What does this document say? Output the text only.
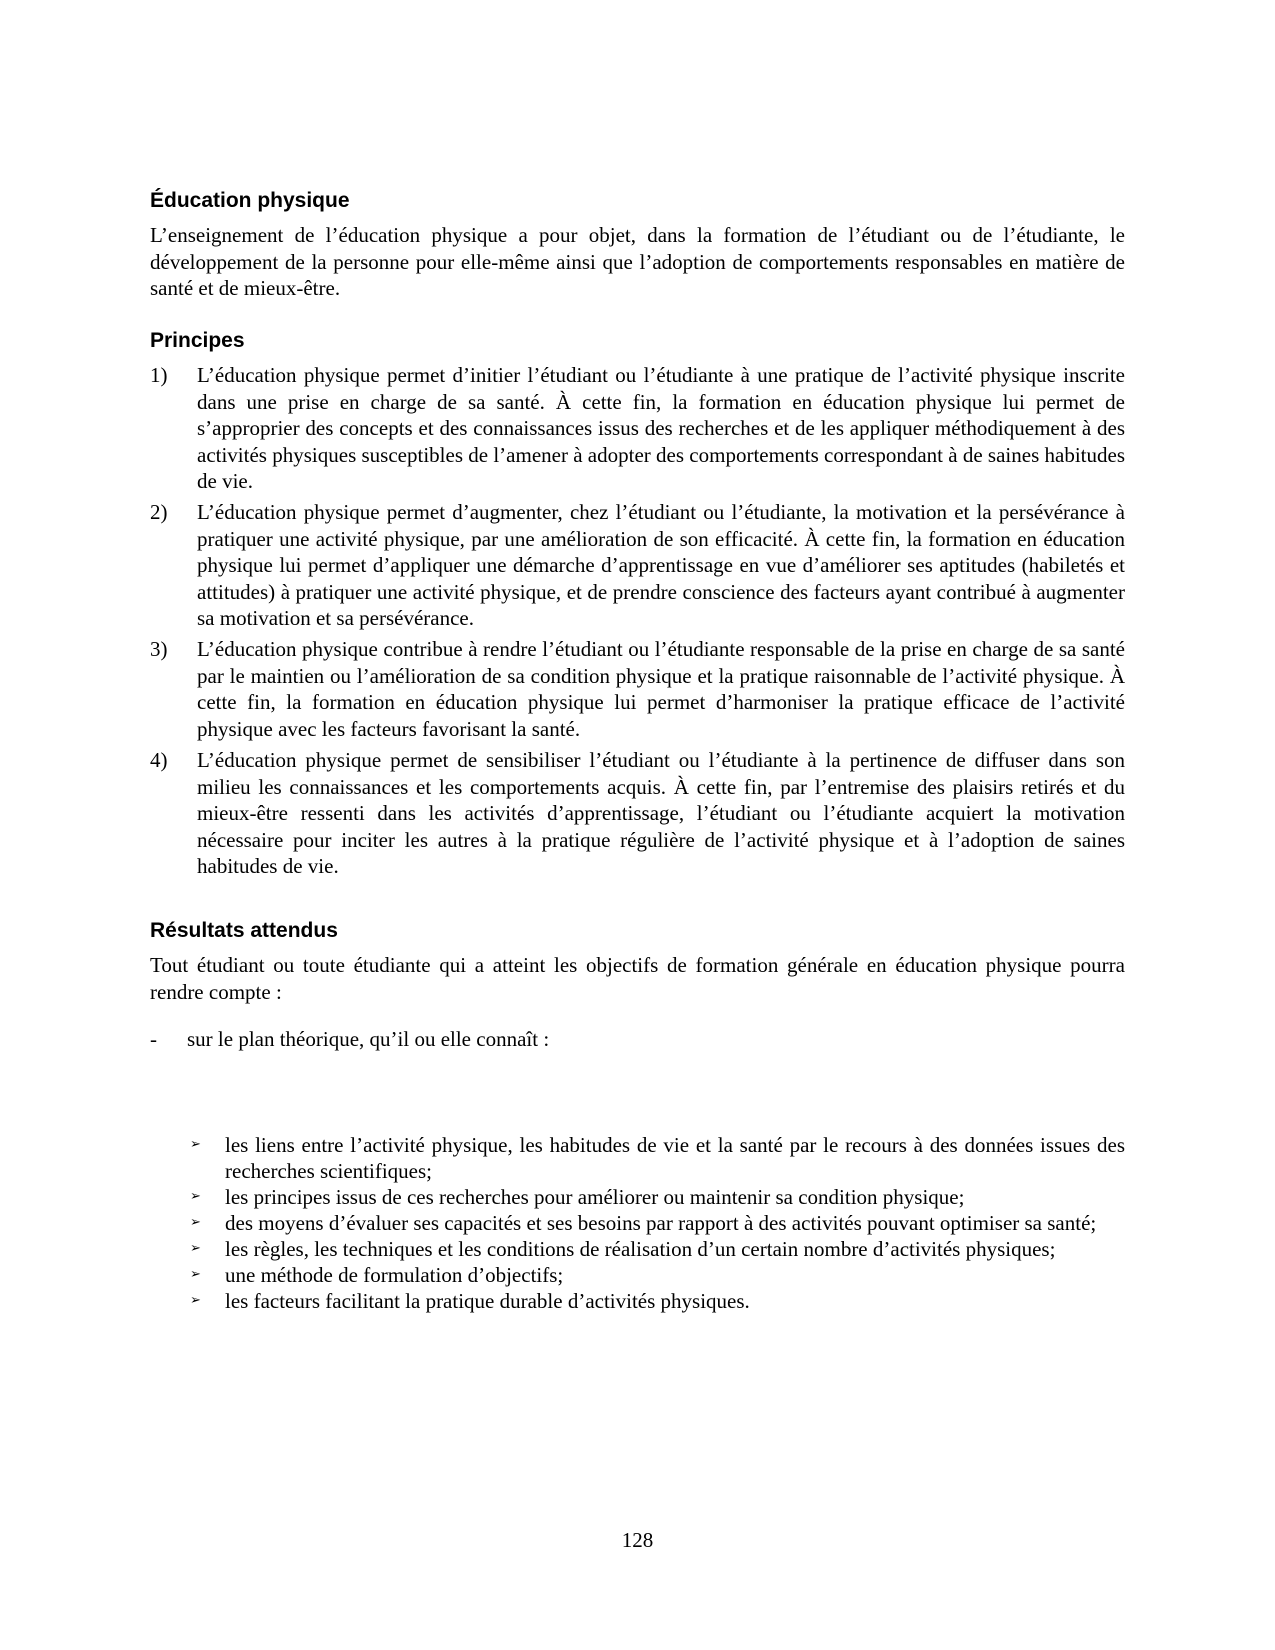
Éducation physique

L’enseignement de l’éducation physique a pour objet, dans la formation de l’étudiant ou de l’étudiante, le développement de la personne pour elle-même ainsi que l’adoption de comportements responsables en matière de santé et de mieux-être.

Principes
1) L’éducation physique permet d’initier l’étudiant ou l’étudiante à une pratique de l’activité physique inscrite dans une prise en charge de sa santé. À cette fin, la formation en éducation physique lui permet de s’approprier des concepts et des connaissances issus des recherches et de les appliquer méthodiquement à des activités physiques susceptibles de l’amener à adopter des comportements correspondant à de saines habitudes de vie.
2) L’éducation physique permet d’augmenter, chez l’étudiant ou l’étudiante, la motivation et la persévérance à pratiquer une activité physique, par une amélioration de son efficacité. À cette fin, la formation en éducation physique lui permet d’appliquer une démarche d’apprentissage en vue d’améliorer ses aptitudes (habiletés et attitudes) à pratiquer une activité physique, et de prendre conscience des facteurs ayant contribué à augmenter sa motivation et sa persévérance.
3) L’éducation physique contribue à rendre l’étudiant ou l’étudiante responsable de la prise en charge de sa santé par le maintien ou l’amélioration de sa condition physique et la pratique raisonnable de l’activité physique. À cette fin, la formation en éducation physique lui permet d’harmoniser la pratique efficace de l’activité physique avec les facteurs favorisant la santé.
4) L’éducation physique permet de sensibiliser l’étudiant ou l’étudiante à la pertinence de diffuser dans son milieu les connaissances et les comportements acquis. À cette fin, par l’entremise des plaisirs retirés et du mieux-être ressenti dans les activités d’apprentissage, l’étudiant ou l’étudiante acquiert la motivation nécessaire pour inciter les autres à la pratique régulière de l’activité physique et à l’adoption de saines habitudes de vie.
Résultats attendus

Tout étudiant ou toute étudiante qui a atteint les objectifs de formation générale en éducation physique pourra rendre compte :

- sur le plan théorique, qu’il ou elle connaît :
➢ les liens entre l’activité physique, les habitudes de vie et la santé par le recours à des données issues des recherches scientifiques;
➢ les principes issus de ces recherches pour améliorer ou maintenir sa condition physique;
➢ des moyens d’évaluer ses capacités et ses besoins par rapport à des activités pouvant optimiser sa santé;
➢ les règles, les techniques et les conditions de réalisation d’un certain nombre d’activités physiques;
➢ une méthode de formulation d’objectifs;
➢ les facteurs facilitant la pratique durable d’activités physiques.
128
